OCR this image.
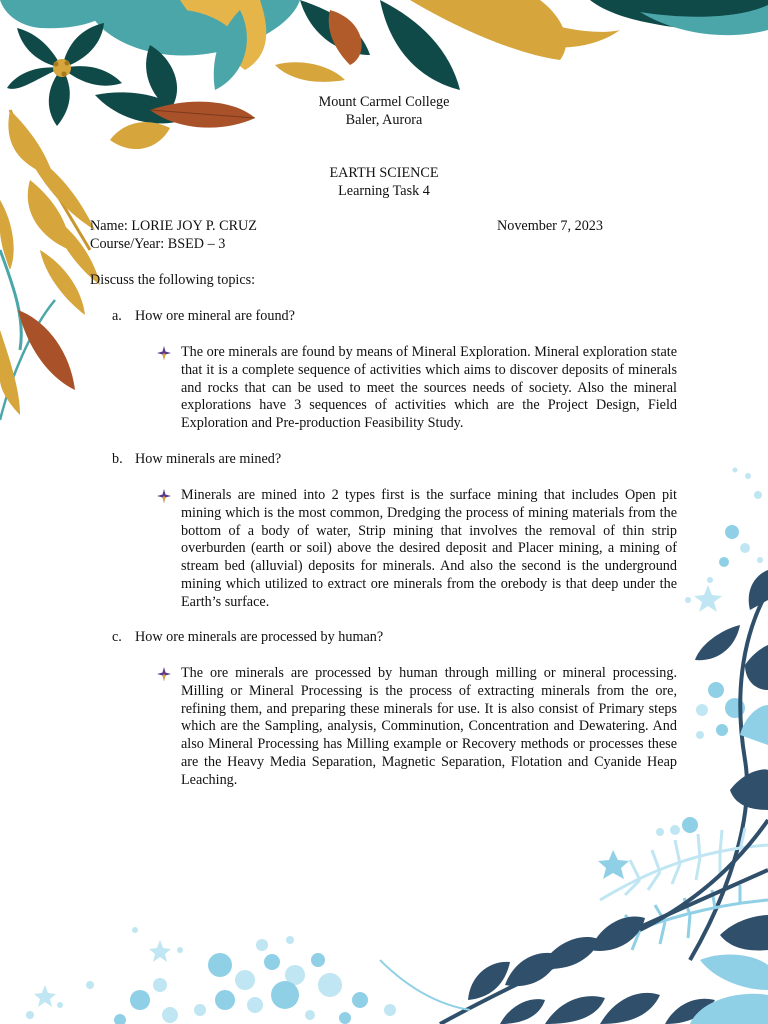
Mount Carmel College
Baler, Aurora
EARTH SCIENCE
Learning Task 4
Name: LORIE JOY P. CRUZ	November 7, 2023
Course/Year: BSED – 3
Discuss the following topics:
a. How ore mineral are found?
The ore minerals are found by means of Mineral Exploration. Mineral exploration state that it is a complete sequence of activities which aims to discover deposits of minerals and rocks that can be used to meet the sources needs of society. Also the mineral explorations have 3 sequences of activities which are the Project Design, Field Exploration and Pre-production Feasibility Study.
b. How minerals are mined?
Minerals are mined into 2 types first is the surface mining that includes Open pit mining which is the most common, Dredging the process of mining materials from the bottom of a body of water, Strip mining that involves the removal of thin strip overburden (earth or soil) above the desired deposit and Placer mining, a mining of stream bed (alluvial) deposits for minerals. And also the second is the underground mining which utilized to extract ore minerals from the orebody is that deep under the Earth’s surface.
c. How ore minerals are processed by human?
The ore minerals are processed by human through milling or mineral processing. Milling or Mineral Processing is the process of extracting minerals from the ore, refining them, and preparing these minerals for use. It is also consist of Primary steps which are the Sampling, analysis, Comminution, Concentration and Dewatering. And also Mineral Processing has Milling example or Recovery methods or processes these are the Heavy Media Separation, Magnetic Separation, Flotation and Cyanide Heap Leaching.
